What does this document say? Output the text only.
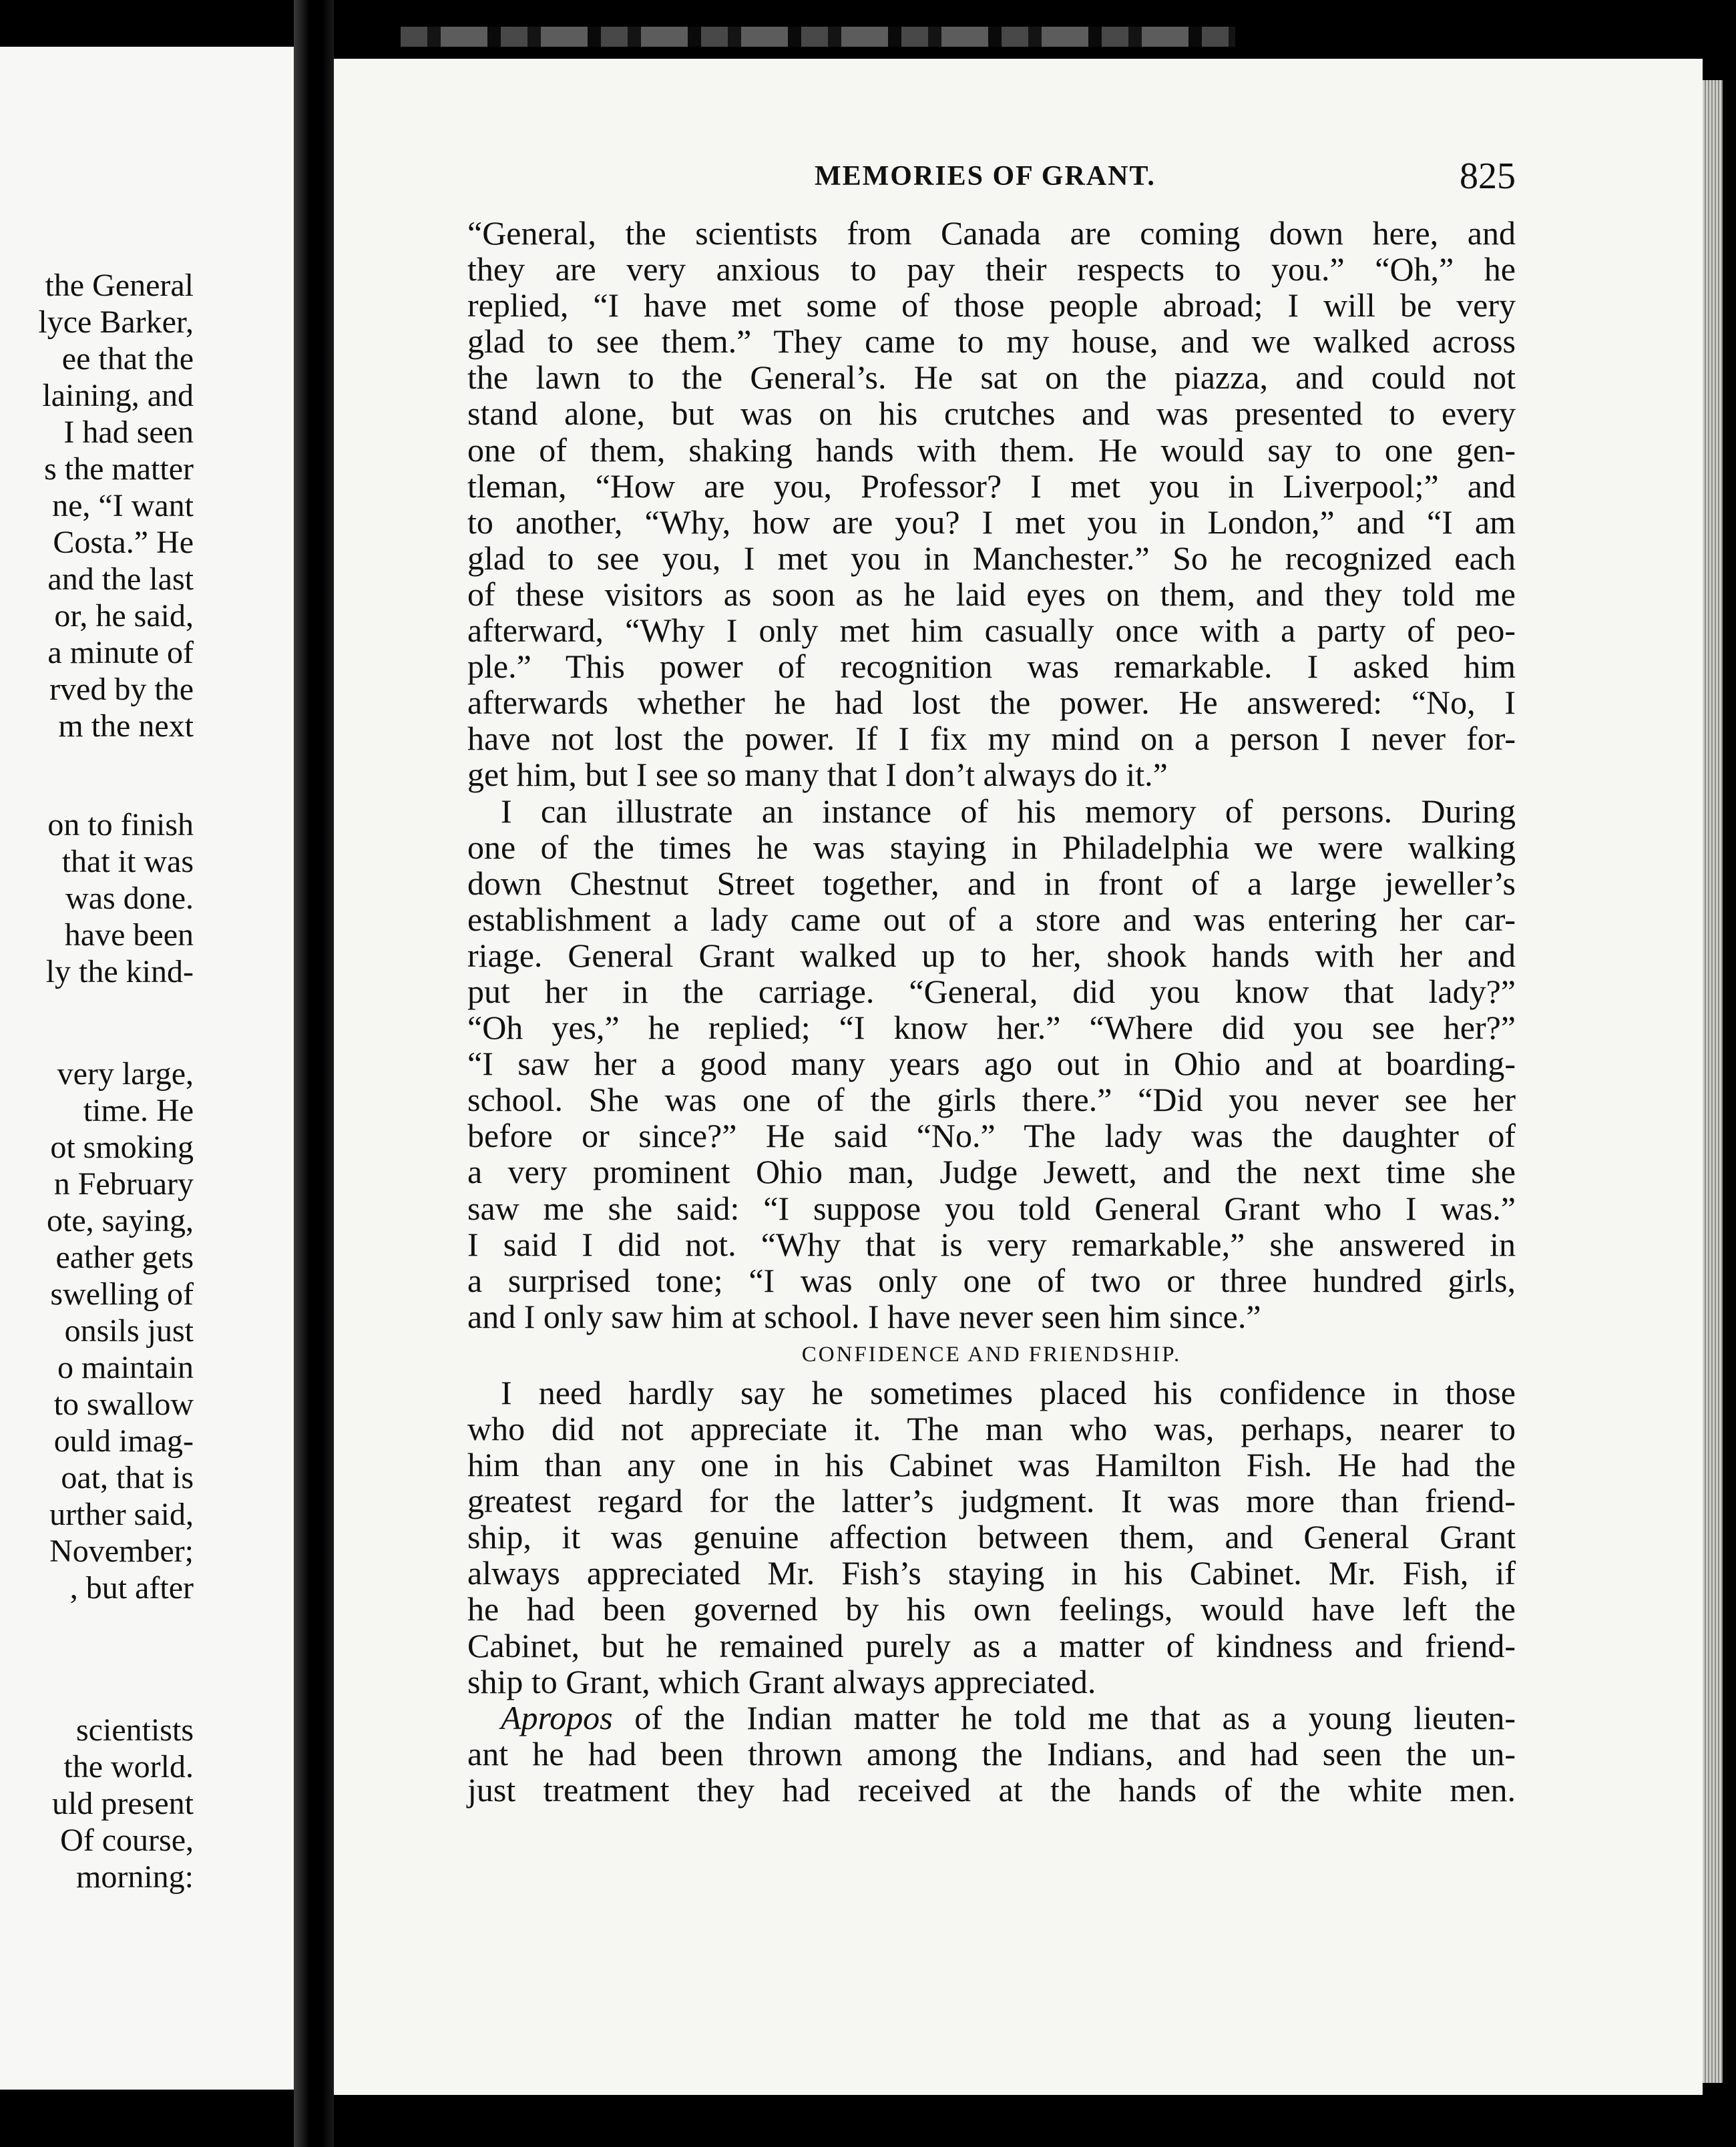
the General
lyce Barker,
ee that the
laining, and
I had seen
s the matter
ne, “I want
Costa.” He
and the last
or, he said,
a minute of
rved by the
m the next
on to finish
that it was
was done.
have been
ly the kind-
very large,
time. He
ot smoking
n February
ote, saying,
eather gets
swelling of
onsils just
o maintain
to swallow
ould imag-
oat, that is
urther said,
November;
, but after
scientists
the world.
uld present
Of course,
morning:
MEMORIES OF GRANT.	825
“General, the scientists from Canada are coming down here, and
they are very anxious to pay their respects to you.” “Oh,” he
replied, “I have met some of those people abroad; I will be very
glad to see them.” They came to my house, and we walked across
the lawn to the General’s. He sat on the piazza, and could not
stand alone, but was on his crutches and was presented to every
one of them, shaking hands with them. He would say to one gen-
tleman, “How are you, Professor? I met you in Liverpool;” and
to another, “Why, how are you? I met you in London,” and “I am
glad to see you, I met you in Manchester.” So he recognized each
of these visitors as soon as he laid eyes on them, and they told me
afterward, “Why I only met him casually once with a party of peo-
ple.” This power of recognition was remarkable. I asked him
afterwards whether he had lost the power. He answered: “No, I
have not lost the power. If I fix my mind on a person I never for-
get him, but I see so many that I don’t always do it.”
I can illustrate an instance of his memory of persons. During
one of the times he was staying in Philadelphia we were walking
down Chestnut Street together, and in front of a large jeweller’s
establishment a lady came out of a store and was entering her car-
riage. General Grant walked up to her, shook hands with her and
put her in the carriage. “General, did you know that lady?”
“Oh yes,” he replied; “I know her.” “Where did you see her?”
“I saw her a good many years ago out in Ohio and at boarding-
school. She was one of the girls there.” “Did you never see her
before or since?” He said “No.” The lady was the daughter of
a very prominent Ohio man, Judge Jewett, and the next time she
saw me she said: “I suppose you told General Grant who I was.”
I said I did not. “Why that is very remarkable,” she answered in
a surprised tone; “I was only one of two or three hundred girls,
and I only saw him at school. I have never seen him since.”
CONFIDENCE AND FRIENDSHIP.
I need hardly say he sometimes placed his confidence in those
who did not appreciate it. The man who was, perhaps, nearer to
him than any one in his Cabinet was Hamilton Fish. He had the
greatest regard for the latter’s judgment. It was more than friend-
ship, it was genuine affection between them, and General Grant
always appreciated Mr. Fish’s staying in his Cabinet. Mr. Fish, if
he had been governed by his own feelings, would have left the
Cabinet, but he remained purely as a matter of kindness and friend-
ship to Grant, which Grant always appreciated.
Apropos of the Indian matter he told me that as a young lieuten-
ant he had been thrown among the Indians, and had seen the un-
just treatment they had received at the hands of the white men.
